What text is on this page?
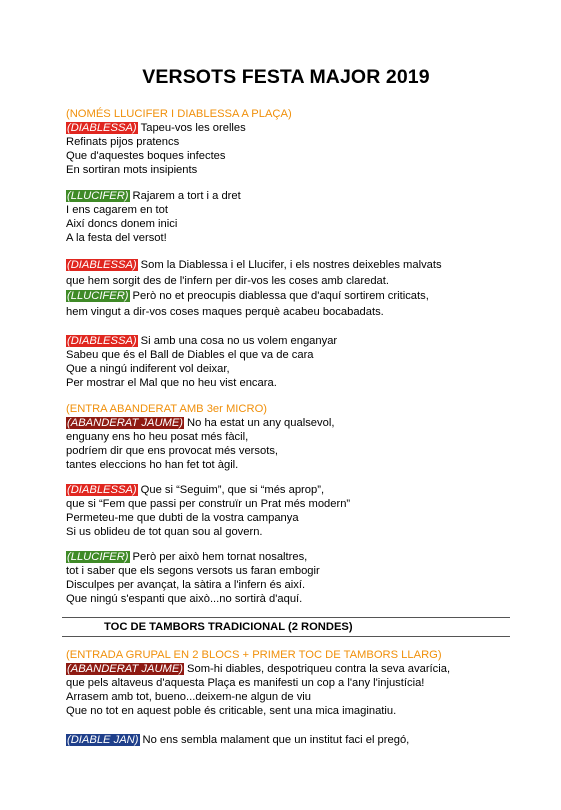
VERSOTS FESTA MAJOR 2019
(NOMÉS LLUCIFER I DIABLESSA A PLAÇA)
(DIABLESSA) Tapeu-vos les orelles
Refinats pijos pratencs
Que d'aquestes boques infectes
En sortiran mots insipients
(LLUCIFER) Rajarem a tort i a dret
I ens cagarem en tot
Així doncs donem inici
A la festa del versot!
(DIABLESSA) Som la Diablessa i el Llucifer, i els nostres deixebles malvats
que hem sorgit des de l'infern per dir-vos les coses amb claredat.
(LLUCIFER) Però no et preocupis diablessa que d'aquí sortirem criticats,
hem vingut a dir-vos coses maques perquè acabeu bocabadats.
(DIABLESSA) Si amb una cosa no us volem enganyar
Sabeu que és el Ball de Diables el que va de cara
Que a ningú indiferent vol deixar,
Per mostrar el Mal que no heu vist encara.
(ENTRA ABANDERAT AMB 3er MICRO)
(ABANDERAT JAUME) No ha estat un any qualsevol,
enguany ens ho heu posat més fàcil,
podríem dir que ens provocat més versots,
tantes eleccions ho han fet tot àgil.
(DIABLESSA) Que si “Seguim”, que si “més aprop”,
que si “Fem que passi per construïr un Prat més modern”
Permeteu-me que dubti de la vostra campanya
Si us oblideu de tot quan sou al govern.
(LLUCIFER) Però per això hem tornat nosaltres,
tot i saber que els segons versots us faran embogir
Disculpes per avançat, la sàtira a l'infern és així.
Que ningú s'espanti que això...no sortirà d'aquí.
TOC DE TAMBORS TRADICIONAL (2 RONDES)
(ENTRADA GRUPAL EN 2 BLOCS + PRIMER TOC DE TAMBORS LLARG)
(ABANDERAT JAUME) Som-hi diables, despotriqueu contra la seva avarícia,
que pels altaveus d'aquesta Plaça es manifesti un cop a l'any l'injustícia!
Arrasem amb tot, bueno...deixem-ne algun de viu
Que no tot en aquest poble és criticable, sent una mica imaginatiu.
(DIABLE JAN) No ens sembla malament que un institut faci el pregó,
